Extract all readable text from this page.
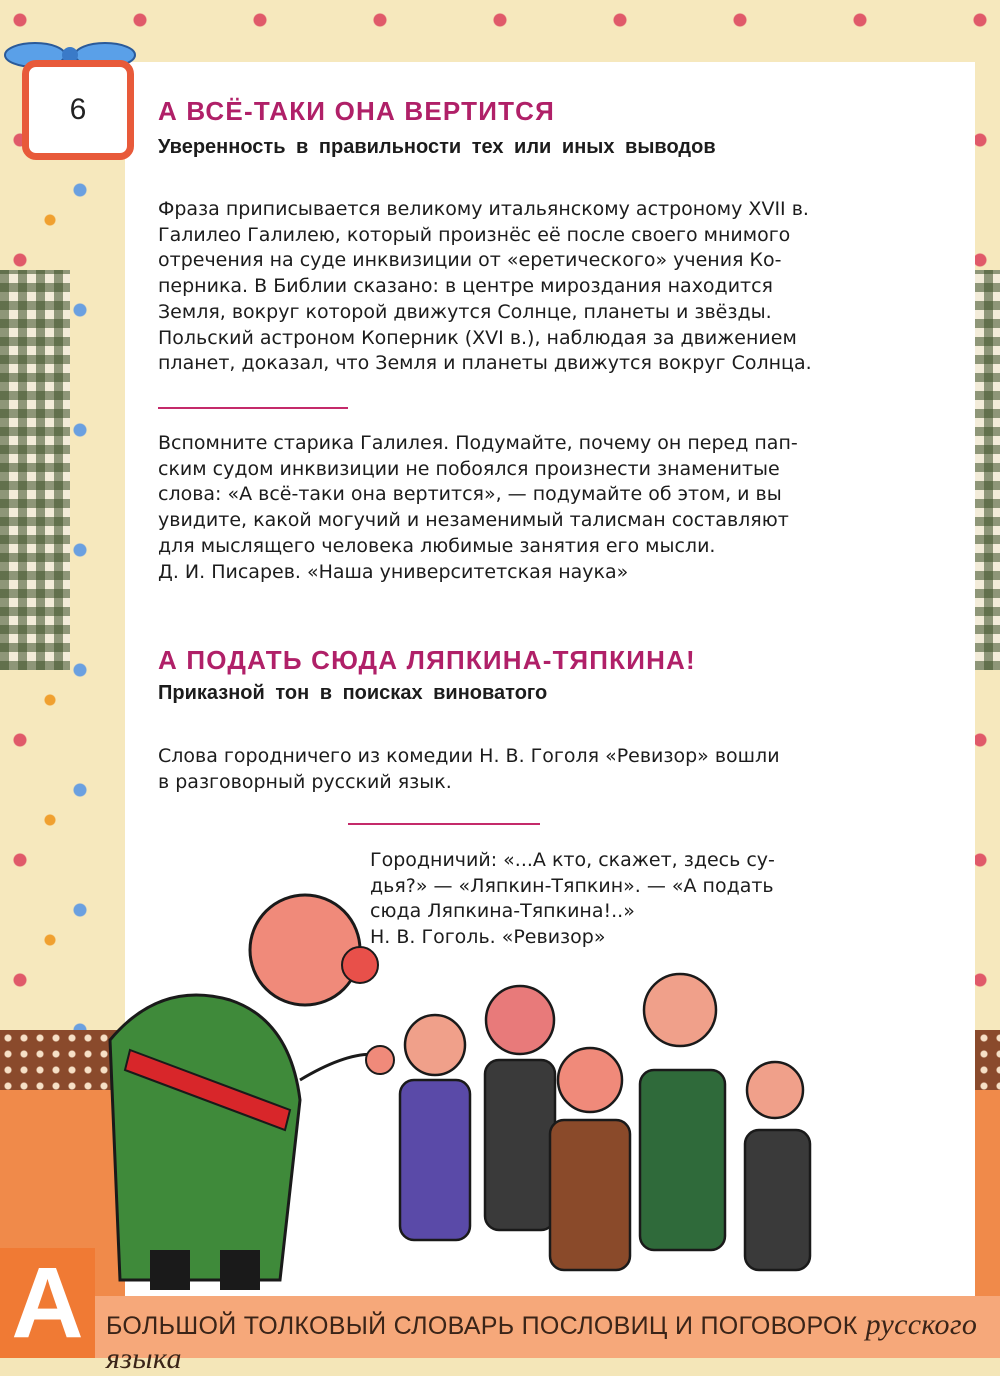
6	А ВСЁ-ТАКИ ОНА ВЕРТИТСЯ
Уверенность в правильности тех или иных выводов

Фраза приписывается великому итальянскому астроному XVII в.

Галилео Галилею, который произнёс её после своего мнимого

отречения на суде инквизиции от «еретического» учения Ко-

перника. В Библии сказано: в центре мироздания находится

Земля, вокруг которой движутся Солнце, планеты и звёзды.

Польский астроном Коперник (XVI в.), наблюдая за движением

планет, доказал, что Земля и планеты движутся вокруг Солнца.

Вспомните старика Галилея. Подумайте, почему он перед пап-

ским судом инквизиции не побоялся произнести знаменитые

слова: «А всё-таки она вертится», — подумайте об этом, и вы

увидите, какой могучий и незаменимый талисман составляют

для мыслящего человека любимые занятия его мысли.

Д. И. Писарев. «Наша университетская наука»

А ПОДАТЬ СЮДА ЛЯПКИНА-ТЯПКИНА!
Приказной тон в поисках виноватого

Слова городничего из комедии Н. В. Гоголя «Ревизор» вошли

в разговорный русский язык.

Городничий: «...А кто, скажет, здесь су-

дья?» — «Ляпкин-Тяпкин». — «А подать

сюда Ляпкина-Тяпкина!..»

Н. В. Гоголь. «Ревизор»

А БОЛЬШОЙ ТОЛКОВЫЙ СЛОВАРЬ ПОСЛОВИЦ И ПОГОВОРОК русского языка
